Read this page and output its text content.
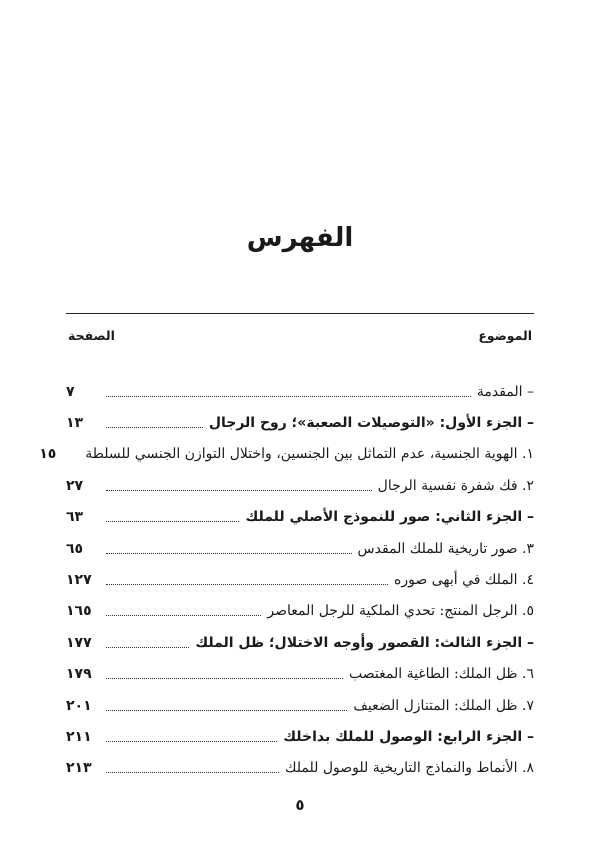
الفهرس
الموضوع
الصفحة
– المقدمة
٧
– الجزء الأول: «التوصيلات الصعبة»؛ روح الرجال
١٣
١. الهوية الجنسية، عدم التماثل بين الجنسين، واختلال التوازن الجنسي للسلطة
١٥
٢. فك شفرة نفسية الرجال
٢٧
– الجزء الثاني: صور للنموذج الأصلي للملك
٦٣
٣. صور تاريخية للملك المقدس
٦٥
٤. الملك في أبهى صوره
١٢٧
٥. الرجل المنتج: تحدي الملكية للرجل المعاصر
١٦٥
– الجزء الثالث: القصور وأوجه الاختلال؛ ظل الملك
١٧٧
٦. ظل الملك: الطاغية المغتصب
١٧٩
٧. ظل الملك: المتنازل الضعيف
٢٠١
– الجزء الرابع: الوصول للملك بداخلك
٢١١
٨. الأنماط والنماذج التاريخية للوصول للملك
٢١٣
٥
